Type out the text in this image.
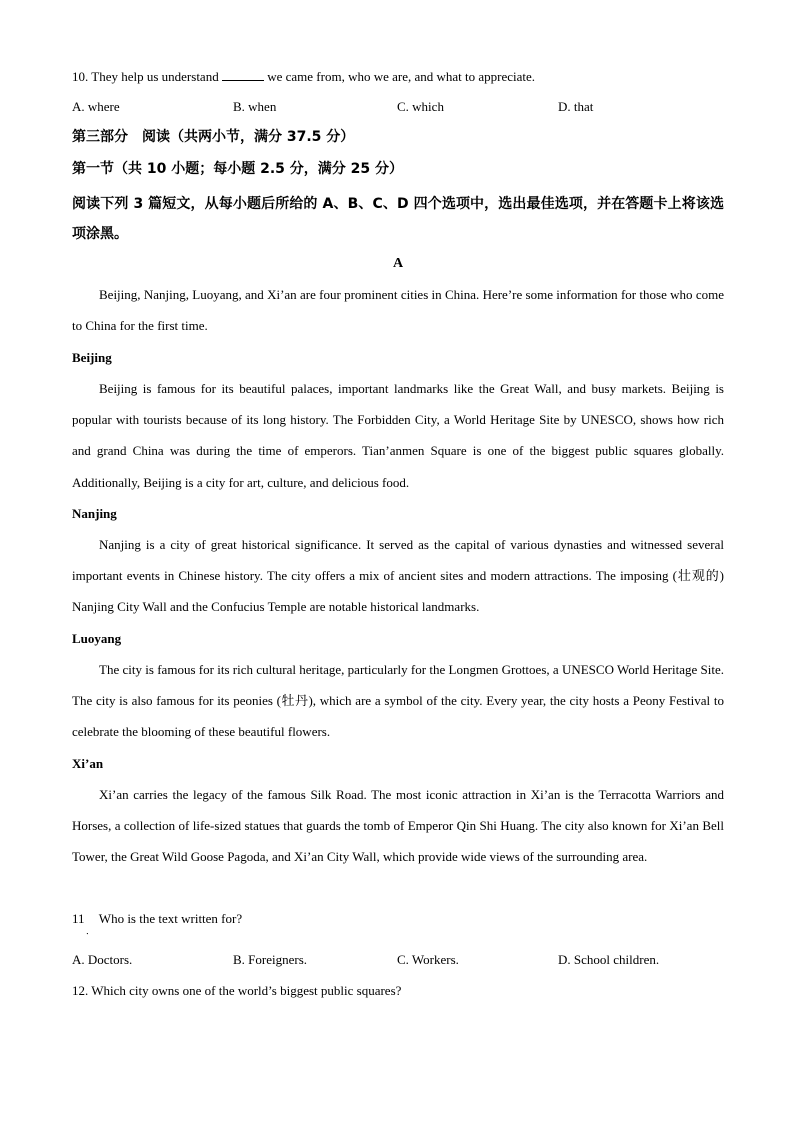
10. They help us understand	we came from, who we are, and what to appreciate.
A. where	B. when	C. which	D. that
第三部分　阅读（共两小节，满分 37.5 分）
第一节（共 10 小题；每小题 2.5 分，满分 25 分）
阅读下列 3 篇短文，从每小题后所给的 A、B、C、D 四个选项中，选出最佳选项，并在答题卡上将该选项涂黑。
A
Beijing, Nanjing, Luoyang, and Xi’an are four prominent cities in China. Here’re some information for those who come to China for the first time.
Beijing
Beijing is famous for its beautiful palaces, important landmarks like the Great Wall, and busy markets. Beijing is popular with tourists because of its long history. The Forbidden City, a World Heritage Site by UNESCO, shows how rich and grand China was during the time of emperors. Tian’anmen Square is one of the biggest public squares globally. Additionally, Beijing is a city for art, culture, and delicious food.
Nanjing
Nanjing is a city of great historical significance. It served as the capital of various dynasties and witnessed several important events in Chinese history. The city offers a mix of ancient sites and modern attractions. The imposing (壮观的) Nanjing City Wall and the Confucius Temple are notable historical landmarks.
Luoyang
The city is famous for its rich cultural heritage, particularly for the Longmen Grottoes, a UNESCO World Heritage Site. The city is also famous for its peonies (牡丹), which are a symbol of the city. Every year, the city hosts a Peony Festival to celebrate the blooming of these beautiful flowers.
Xi’an
Xi’an carries the legacy of the famous Silk Road. The most iconic attraction in Xi’an is the Terracotta Warriors and Horses, a collection of life-sized statues that guards the tomb of Emperor Qin Shi Huang. The city also known for Xi’an Bell Tower, the Great Wild Goose Pagoda, and Xi’an City Wall, which provide wide views of the surrounding area.
11 Who is the text written for?
．
A. Doctors.	B. Foreigners.	C. Workers.	D. School children.
12. Which city owns one of the world’s biggest public squares?
